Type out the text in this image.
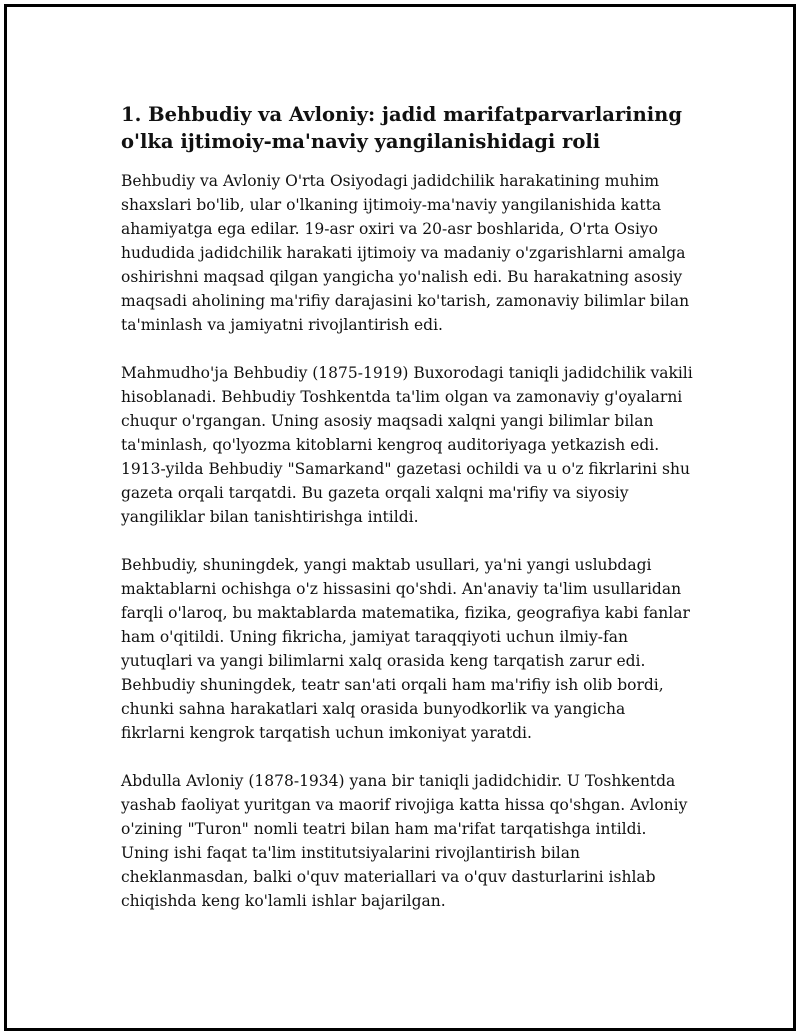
1. Behbudiy va Avloniy: jadid marifatparvarlarining o'lka ijtimoiy-ma'naviy yangilanishidagi roli

Behbudiy va Avloniy O'rta Osiyodagi jadidchilik harakatining muhim shaxslari bo'lib, ular o'lkaning ijtimoiy-ma'naviy yangilanishida katta ahamiyatga ega edilar. 19-asr oxiri va 20-asr boshlarida, O'rta Osiyo hududida jadidchilik harakati ijtimoiy va madaniy o'zgarishlarni amalga oshirishni maqsad qilgan yangicha yo'nalish edi. Bu harakatning asosiy maqsadi aholining ma'rifiy darajasini ko'tarish, zamonaviy bilimlar bilan ta'minlash va jamiyatni rivojlantirish edi.

Mahmudho'ja Behbudiy (1875-1919) Buxorodagi taniqli jadidchilik vakili hisoblanadi. Behbudiy Toshkentda ta'lim olgan va zamonaviy g'oyalarni chuqur o'rgangan. Uning asosiy maqsadi xalqni yangi bilimlar bilan ta'minlash, qo'lyozma kitoblarni kengroq auditoriyaga yetkazish edi. 1913-yilda Behbudiy "Samarkand" gazetasi ochildi va u o'z fikrlarini shu gazeta orqali tarqatdi. Bu gazeta orqali xalqni ma'rifiy va siyosiy yangiliklar bilan tanishtirishga intildi.

Behbudiy, shuningdek, yangi maktab usullari, ya'ni yangi uslubdagi maktablarni ochishga o'z hissasini qo'shdi. An'anaviy ta'lim usullaridan farqli o'laroq, bu maktablarda matematika, fizika, geografiya kabi fanlar ham o'qitildi. Uning fikricha, jamiyat taraqqiyoti uchun ilmiy-fan yutuqlari va yangi bilimlarni xalq orasida keng tarqatish zarur edi. Behbudiy shuningdek, teatr san'ati orqali ham ma'rifiy ish olib bordi, chunki sahna harakatlari xalq orasida bunyodkorlik va yangicha fikrlarni kengrok tarqatish uchun imkoniyat yaratdi.

Abdulla Avloniy (1878-1934) yana bir taniqli jadidchidir. U Toshkentda yashab faoliyat yuritgan va maorif rivojiga katta hissa qo'shgan. Avloniy o'zining "Turon" nomli teatri bilan ham ma'rifat tarqatishga intildi. Uning ishi faqat ta'lim institutsiyalarini rivojlantirish bilan cheklanmasdan, balki o'quv materiallari va o'quv dasturlarini ishlab chiqishda keng ko'lamli ishlar bajarilgan.
